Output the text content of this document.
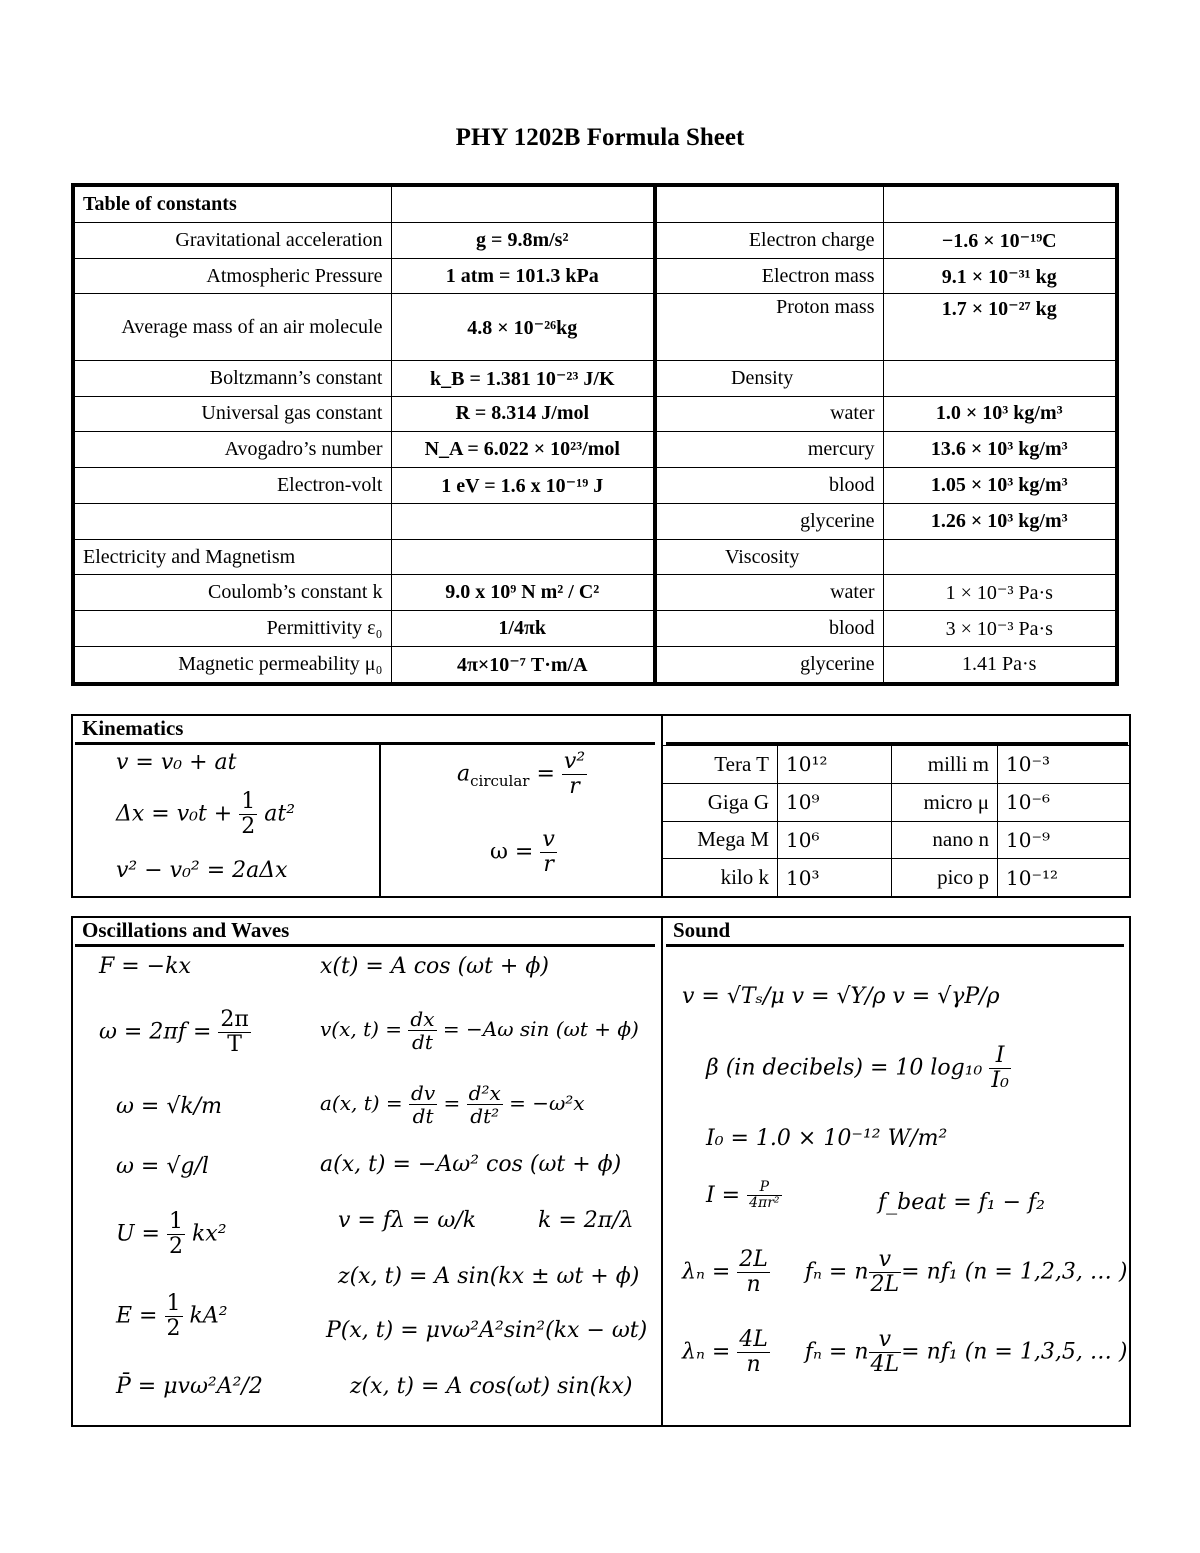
PHY 1202B Formula Sheet
Table of constants			
Gravitational acceleration	g = 9.8m/s²	Electron charge	−1.6 × 10⁻¹⁹C
Atmospheric Pressure	1 atm = 101.3 kPa	Electron mass	9.1 × 10⁻³¹ kg
Average mass of an air molecule	4.8 × 10⁻²⁶kg	Proton mass	1.7 × 10⁻²⁷ kg
Boltzmann’s constant	k_B = 1.381 10⁻²³ J/K	Density	
Universal gas constant	R = 8.314 J/mol	water	1.0 × 10³ kg/m³
Avogadro’s number	N_A = 6.022 × 10²³/mol	mercury	13.6 × 10³ kg/m³
Electron-volt	1 eV = 1.6 x 10⁻¹⁹ J	blood	1.05 × 10³ kg/m³
		glycerine	1.26 × 10³ kg/m³
Electricity and Magnetism		Viscosity	
Coulomb’s constant k	9.0 x 10⁹ N m² / C²	water	1 × 10⁻³ Pa·s
Permittivity ε₀	1/4πk	blood	3 × 10⁻³ Pa·s
Magnetic permeability μ₀	4π×10⁻⁷ T·m/A	glycerine	1.41 Pa·s
Kinematics
v = v₀ + at
$\Delta x = v_0t + \frac{1}{2} at^2$
v² − v₀² = 2aΔx
$a_{circular} = \frac{\text{v²}}{r}$
$\omega = \frac{v}{r}$
Tera T	10¹²	milli m	10⁻³
Giga G	10⁹	micro μ	10⁻⁶
Mega M	10⁶	nano n	10⁻⁹
kilo k	10³	pico p	10⁻¹²
Oscillations and Waves	Sound
F = −kx
$\omega = 2\pi f = \frac{2\pi}{T}$
ω = √k/m
ω = √g/l
$U = \frac{1}{2} kx^2$
$E = \frac{1}{2} kA^2$
P̄ = μvω²A²/2
x(t) = A cos (ωt + ϕ)
v(x, $t) = \frac{dx}{dt} = -A\omega$ sin (ωt + ϕ)
a(x, $t) = \frac{dv}{dt} = \frac{\text{d²x}}{\text{dt²}} = -\omega^2x$
a(x, t) = −Aω² cos (ωt + ϕ)
v = fλ = ω/k	k = 2π/λ
z(x, t) = A sin(kx ± ωt + ϕ)
P(x, t) = μvω²A²sin²(kx − ωt)
z(x, t) = A cos(ωt) sin(kx)
v = √Tₛ/μ v = √Y/ρ v = √γP/ρ
β (in decibels) = 10 $\log_{10} \frac{I}{\text{I₀}}$
I₀ = 1.0 × 10⁻¹² W/m²
$I = \frac{P}{\text{4πr²}}$	f_beat = f₁ − f₂
$\lambda_n = \frac{2L}{n}$ fₙ = n $\frac{v}{2L} = nf_1$ (n = 1,2,3, … )
$\lambda_n = \frac{4L}{n}$ fₙ = n $\frac{v}{4L} = nf_1$ (n = 1,3,5, … )
